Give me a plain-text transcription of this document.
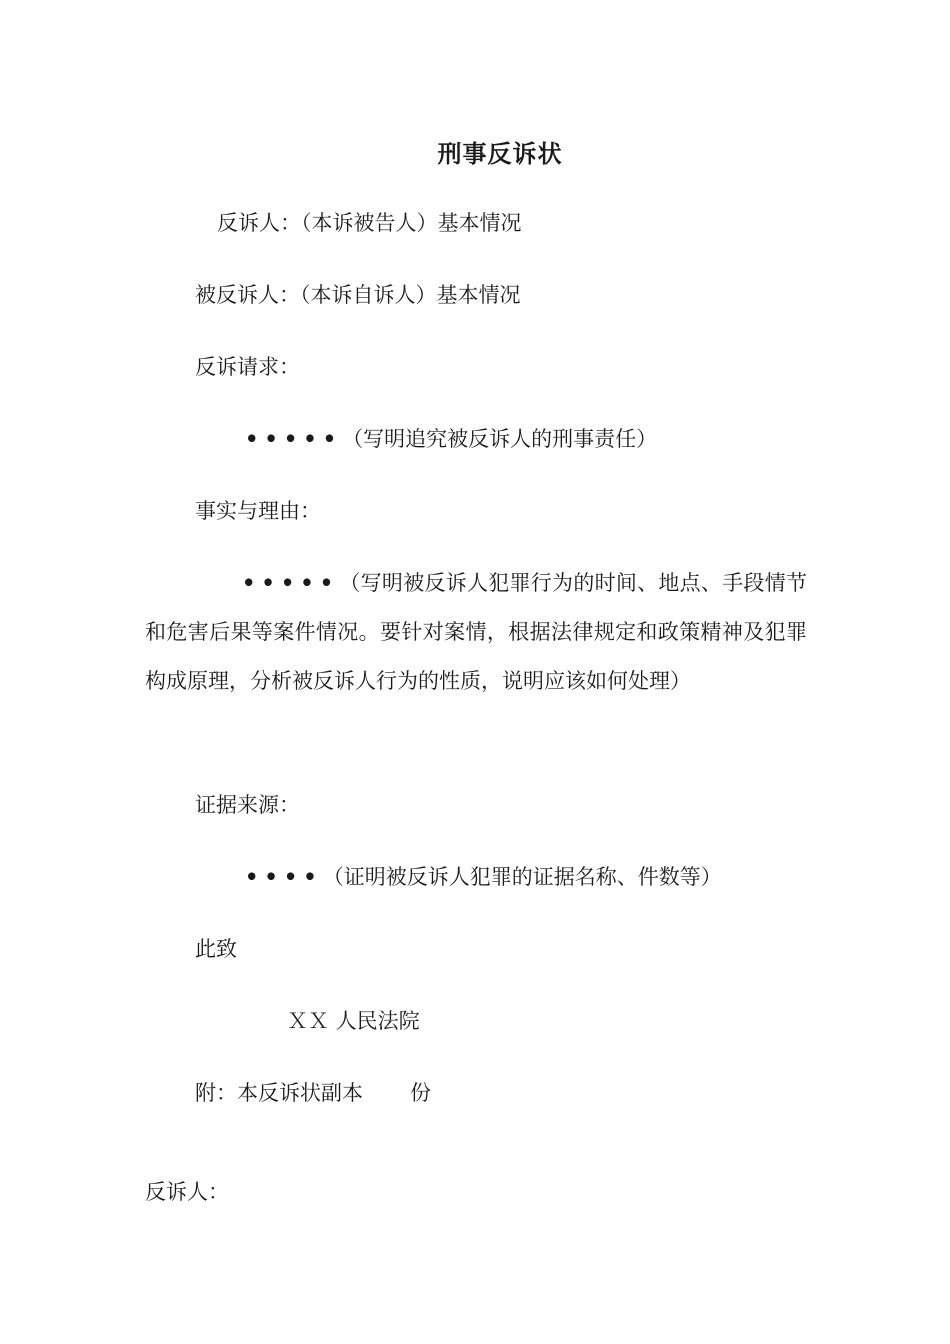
刑事反诉状
反诉人：（本诉被告人）基本情况
被反诉人：（本诉自诉人）基本情况
反诉请求：
•••••（写明追究被反诉人的刑事责任）
事实与理由：
•••••（写明被反诉人犯罪行为的时间、地点、手段情节和危害后果等案件情况。要针对案情，根据法律规定和政策精神及犯罪构成原理，分析被反诉人行为的性质，说明应该如何处理）
证据来源：
••••（证明被反诉人犯罪的证据名称、件数等）
此致
ＸＸ 人民法院
附：本反诉状副本 份
反诉人：
